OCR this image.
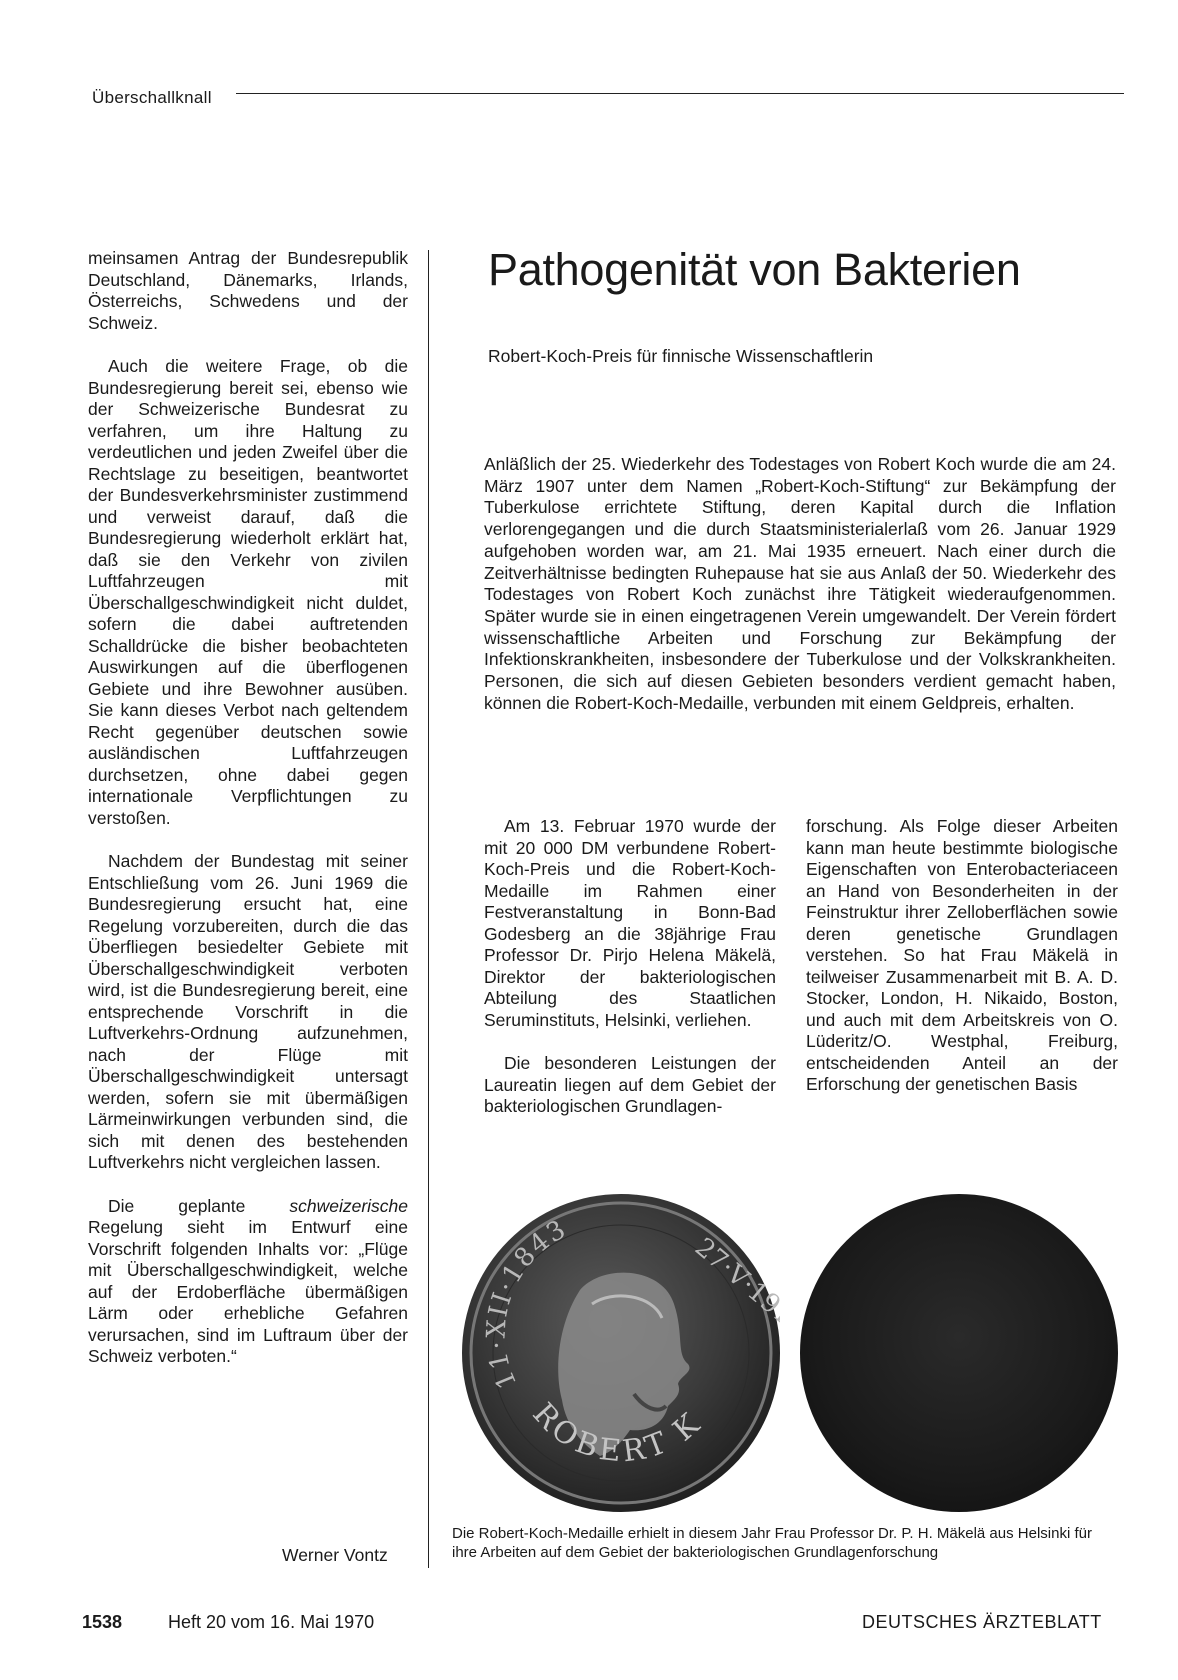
Überschallknall

meinsamen Antrag der Bundesrepublik Deutschland, Dänemarks, Irlands, Österreichs, Schwedens und der Schweiz.

Auch die weitere Frage, ob die Bundesregierung bereit sei, ebenso wie der Schweizerische Bundesrat zu verfahren, um ihre Haltung zu verdeutlichen und jeden Zweifel über die Rechtslage zu beseitigen, beantwortet der Bundesverkehrsminister zustimmend und verweist darauf, daß die Bundesregierung wiederholt erklärt hat, daß sie den Verkehr von zivilen Luftfahrzeugen mit Überschallgeschwindigkeit nicht duldet, sofern die dabei auftretenden Schalldrücke die bisher beobachteten Auswirkungen auf die überflogenen Gebiete und ihre Bewohner ausüben. Sie kann dieses Verbot nach geltendem Recht gegenüber deutschen sowie ausländischen Luftfahrzeugen durchsetzen, ohne dabei gegen internationale Verpflichtungen zu verstoßen.

Nachdem der Bundestag mit seiner Entschließung vom 26. Juni 1969 die Bundesregierung ersucht hat, eine Regelung vorzubereiten, durch die das Überfliegen besiedelter Gebiete mit Überschallgeschwindigkeit verboten wird, ist die Bundesregierung bereit, eine entsprechende Vorschrift in die Luftverkehrs-Ordnung aufzunehmen, nach der Flüge mit Überschallgeschwindigkeit untersagt werden, sofern sie mit übermäßigen Lärmeinwirkungen verbunden sind, die sich mit denen des bestehenden Luftverkehrs nicht vergleichen lassen.

Die geplante schweizerische Regelung sieht im Entwurf eine Vorschrift folgenden Inhalts vor: „Flüge mit Überschallgeschwindigkeit, welche auf der Erdoberfläche übermäßigen Lärm oder erhebliche Gefahren verursachen, sind im Luftraum über der Schweiz verboten.“

Werner Vontz
Pathogenität von Bakterien
Robert-Koch-Preis für finnische Wissenschaftlerin
Anläßlich der 25. Wiederkehr des Todestages von Robert Koch wurde die am 24. März 1907 unter dem Namen „Robert-Koch-Stiftung“ zur Bekämpfung der Tuberkulose errichtete Stiftung, deren Kapital durch die Inflation verlorengegangen und die durch Staatsministerialerlaß vom 26. Januar 1929 aufgehoben worden war, am 21. Mai 1935 erneuert. Nach einer durch die Zeitverhältnisse bedingten Ruhepause hat sie aus Anlaß der 50. Wiederkehr des Todestages von Robert Koch zunächst ihre Tätigkeit wiederaufgenommen. Später wurde sie in einen eingetragenen Verein umgewandelt. Der Verein fördert wissenschaftliche Arbeiten und Forschung zur Bekämpfung der Infektionskrankheiten, insbesondere der Tuberkulose und der Volkskrankheiten. Personen, die sich auf diesen Gebieten besonders verdient gemacht haben, können die Robert-Koch-Medaille, verbunden mit einem Geldpreis, erhalten.

Am 13. Februar 1970 wurde der mit 20 000 DM verbundene Robert-Koch-Preis und die Robert-Koch-Medaille im Rahmen einer Festveranstaltung in Bonn-Bad Godesberg an die 38jährige Frau Professor Dr. Pirjo Helena Mäkelä, Direktor der bakteriologischen Abteilung des Staatlichen Seruminstituts, Helsinki, verliehen.

Die besonderen Leistungen der Laureatin liegen auf dem Gebiet der bakteriologischen Grundlagen-

forschung. Als Folge dieser Arbeiten kann man heute bestimmte biologische Eigenschaften von Enterobacteriaceen an Hand von Besonderheiten in der Feinstruktur ihrer Zelloberflächen sowie deren genetische Grundlagen verstehen. So hat Frau Mäkelä in teilweiser Zusammenarbeit mit B. A. D. Stocker, London, H. Nikaido, Boston, und auch mit dem Arbeitskreis von O. Lüderitz/O. Westphal, Freiburg, entscheidenden Anteil an der Erforschung der genetischen Basis

11·XII·1843
27·V·1910
ROBERT K
Die Robert-Koch-Medaille erhielt in diesem Jahr Frau Professor Dr. P. H. Mäkelä aus Helsinki für ihre Arbeiten auf dem Gebiet der bakteriologischen Grundlagenforschung
1538	Heft 20 vom 16. Mai 1970	DEUTSCHES ÄRZTEBLATT
